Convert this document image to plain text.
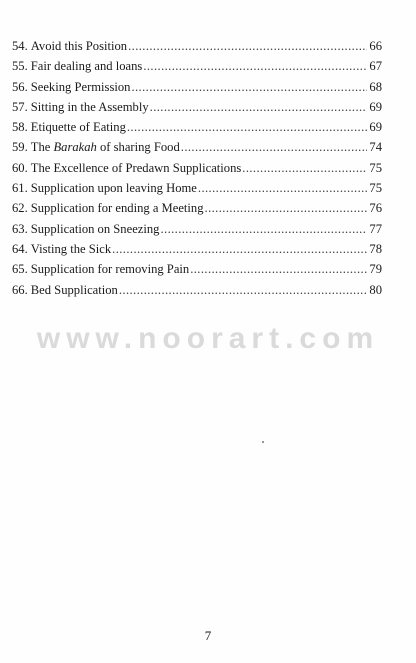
54. Avoid this Position .....	66
55. Fair dealing and loans .....	67
56. Seeking Permission .....	68
57. Sitting in the Assembly .....	69
58. Etiquette of Eating .....	69
59. The Barakah of sharing Food .....	74
60. The Excellence of Predawn Supplications .....	75
61. Supplication upon leaving Home .....	75
62. Supplication for ending a Meeting .....	76
63. Supplication on Sneezing .....	77
64. Visting the Sick .....	78
65. Supplication for removing Pain .....	79
66. Bed Supplication .....	80
www.noorart.com
7
